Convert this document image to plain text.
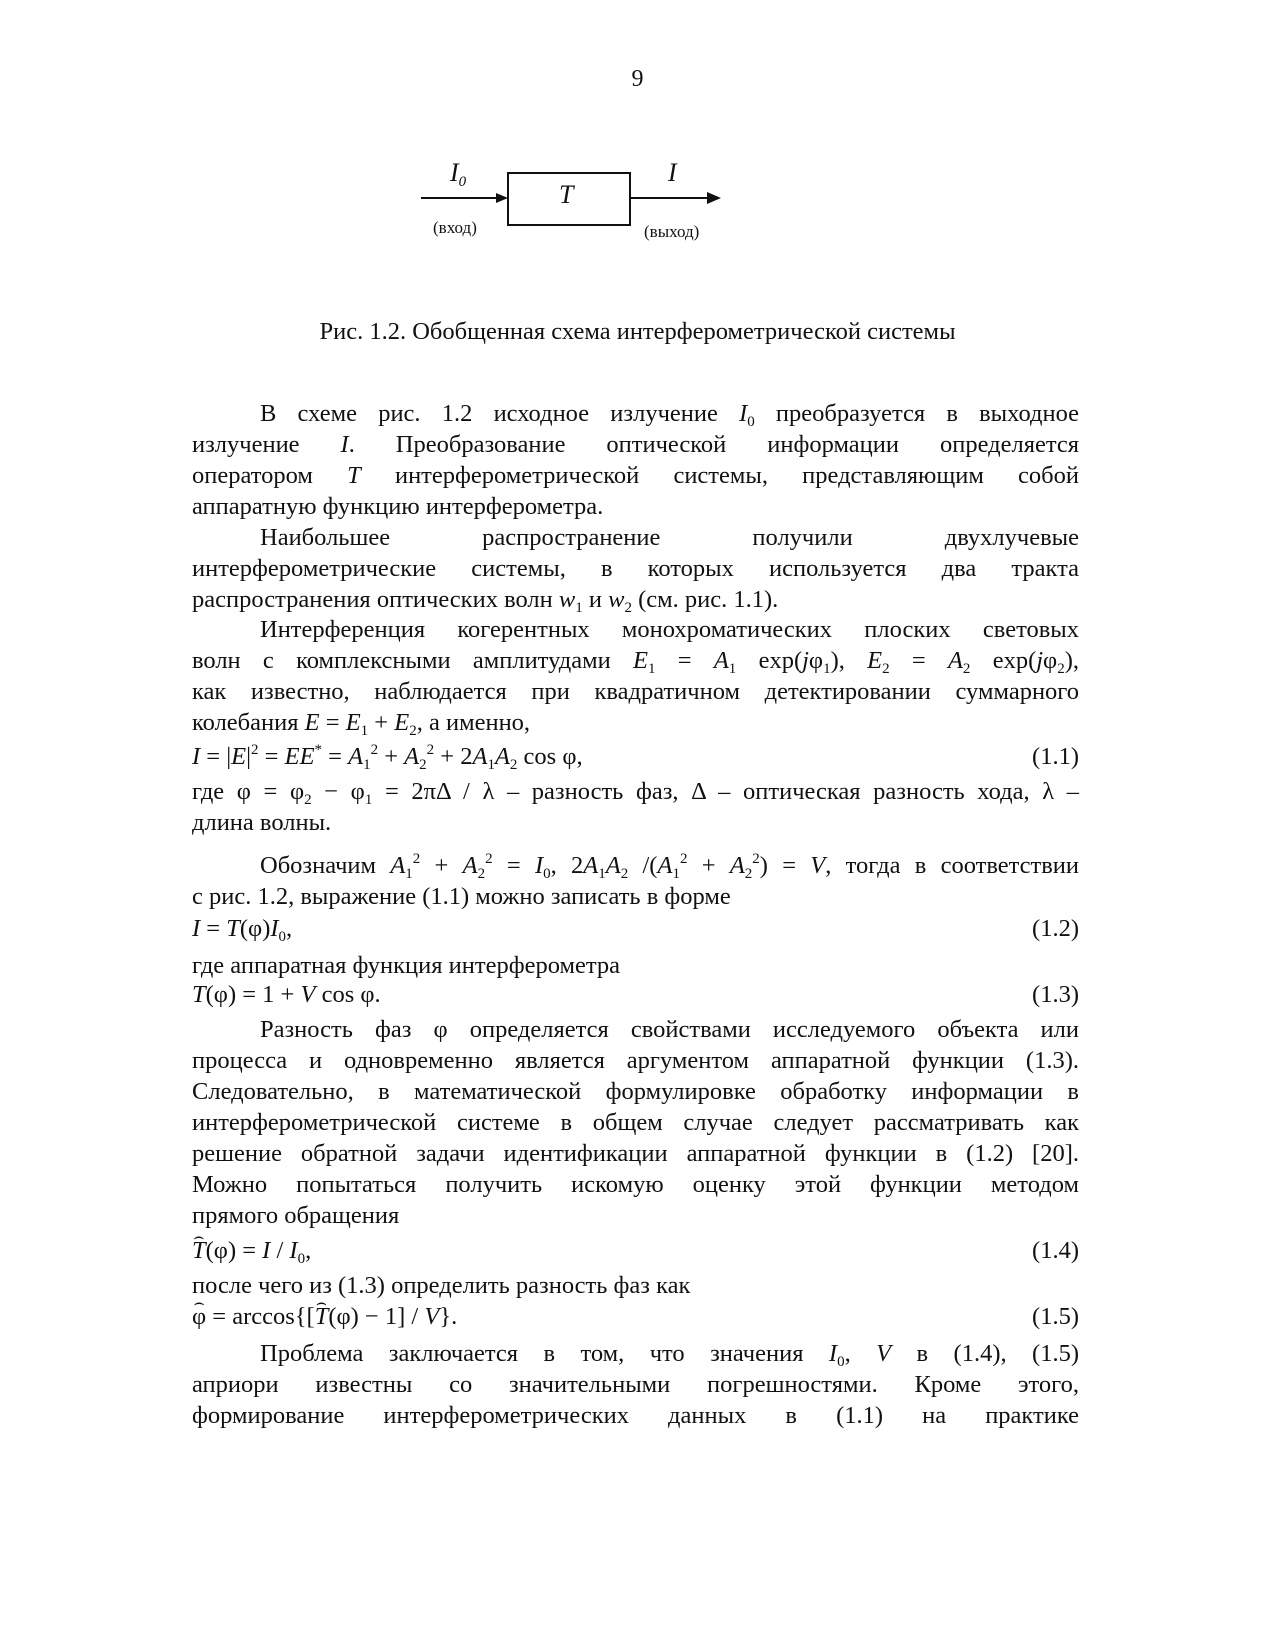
9
$I_0$	T
I
(вход)	(выход)
Рис. 1.2. Обобщенная схема интерферометрической системы
В схеме рис. 1.2 исходное излучение $I_0$ преобразуется в выходное
излучение I. Преобразование оптической информации определяется
оператором T интерферометрической системы, представляющим собой
аппаратную функцию интерферометра.
Наибольшее распространение получили двухлучевые
интерферометрические системы, в которых используется два тракта
распространения оптических волн $w_1$ и $w_2$ (см. рис. 1.1).
Интерференция когерентных монохроматических плоских световых
волн с комплексными амплитудами $E_1 = A_1$ $\exp(j\varphi_1)$, $E_2 = A_2$ $\exp(j\varphi_2)$,
как известно, наблюдается при квадратичном детектировании суммарного
колебания $E = E_1 + E_2$, а именно,
$I = |E|^2 = EE^* = A_1^2 + A_2^2 + 2A_1A_2$ cos φ,	(1.1)
где $\varphi = \varphi_2 - \varphi_1 = 2\pi\Delta / \lambda$ – разность фаз, Δ – оптическая разность хода, λ –
длина волны.
Обозначим $A_1^2 + A_2^2 = I_0$, $2A_1A_2$ $/(A_1^2 + A_2^2) = V$, тогда в соответствии
с рис. 1.2, выражение (1.1) можно записать в форме
$I = T(\varphi)I_0$,	(1.2)
где аппаратная функция интерферометра
T(φ) = 1 + V cos φ.	(1.3)
Разность фаз φ определяется свойствами исследуемого объекта или
процесса и одновременно является аргументом аппаратной функции (1.3).
Следовательно, в математической формулировке обработку информации в
интерферометрической системе в общем случае следует рассматривать как
решение обратной задачи идентификации аппаратной функции в (1.2) [20].
Можно попытаться получить искомую оценку этой функции методом
прямого обращения
⌢ $T(\varphi) = I / I_0$,	(1.4)
после чего из (1.3) определить разность фаз как
⌢ φ = arccos{[⌢ T(φ) − 1] / V}.	(1.5)
Проблема заключается в том, что значения $I_0$, V в (1.4), (1.5)
априори известны со значительными погрешностями. Кроме этого,
формирование интерферометрических данных в (1.1) на практике
